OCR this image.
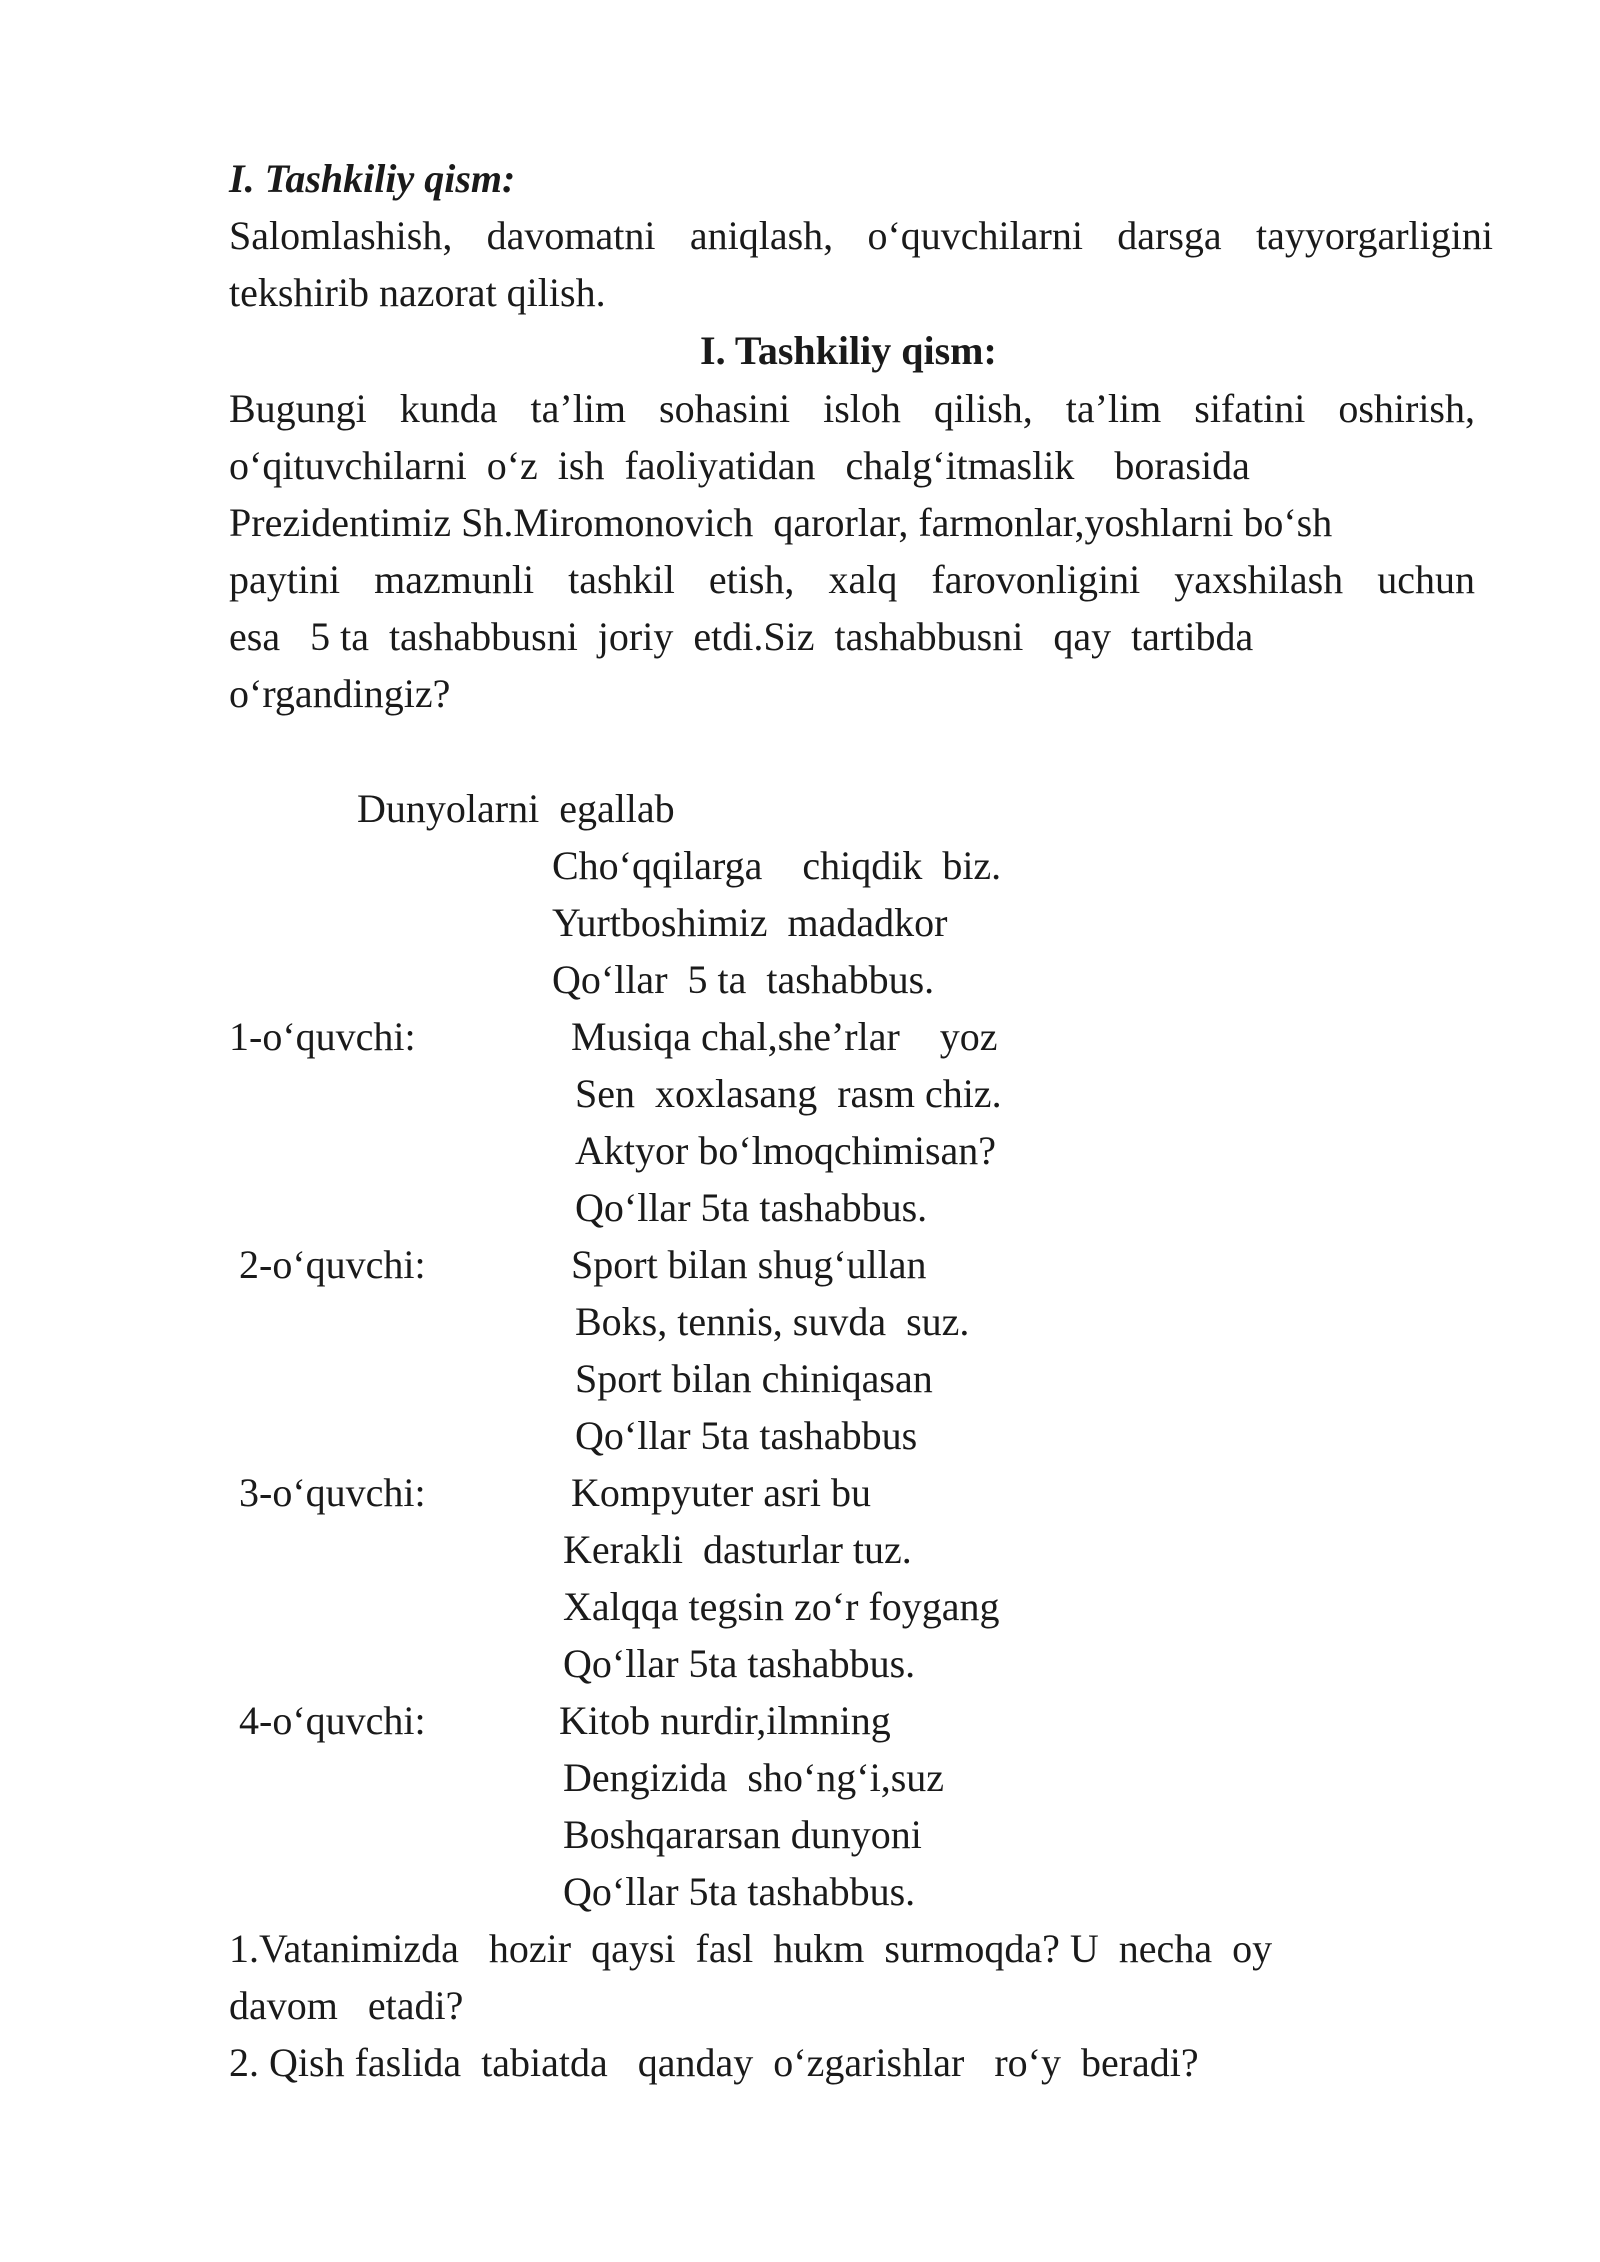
I. Tashkiliy qism:
Salomlashish, davomatni aniqlash, o‘quvchilarni darsga tayyorgarligini
tekshirib nazorat qilish.
I. Tashkiliy qism:
Bugungi kunda ta’lim sohasini isloh qilish, ta’lim sifatini oshirish,
o‘qituvchilarni  o‘z  ish  faoliyatidan   chalg‘itmaslik    borasida
Prezidentimiz Sh.Miromonovich  qarorlar, farmonlar,yoshlarni bo‘sh
paytini mazmunli tashkil etish, xalq farovonligini yaxshilash uchun
esa   5 ta  tashabbusni  joriy  etdi.Siz  tashabbusni   qay  tartibda
o‘rgandingiz?
Dunyolarni  egallab
Cho‘qqilarga    chiqdik  biz.
Yurtboshimiz  madadkor
Qo‘llar  5 ta  tashabbus.
1-o‘quvchi:	Musiqa chal,she’rlar    yoz
Sen  xoxlasang  rasm chiz.
Aktyor bo‘lmoqchimisan?
Qo‘llar 5ta tashabbus.
2-o‘quvchi:	Sport bilan shug‘ullan
Boks, tennis, suvda  suz.
Sport bilan chiniqasan
Qo‘llar 5ta tashabbus
3-o‘quvchi:	Kompyuter asri bu
Kerakli  dasturlar tuz.
Xalqqa tegsin zo‘r foygang
Qo‘llar 5ta tashabbus.
4-o‘quvchi:	Kitob nurdir,ilmning
Dengizida  sho‘ng‘i,suz
Boshqararsan dunyoni
Qo‘llar 5ta tashabbus.
1.Vatanimizda   hozir  qaysi  fasl  hukm  surmoqda? U  necha  oy
davom   etadi?
2. Qish faslida  tabiatda   qanday  o‘zgarishlar   ro‘y  beradi?
